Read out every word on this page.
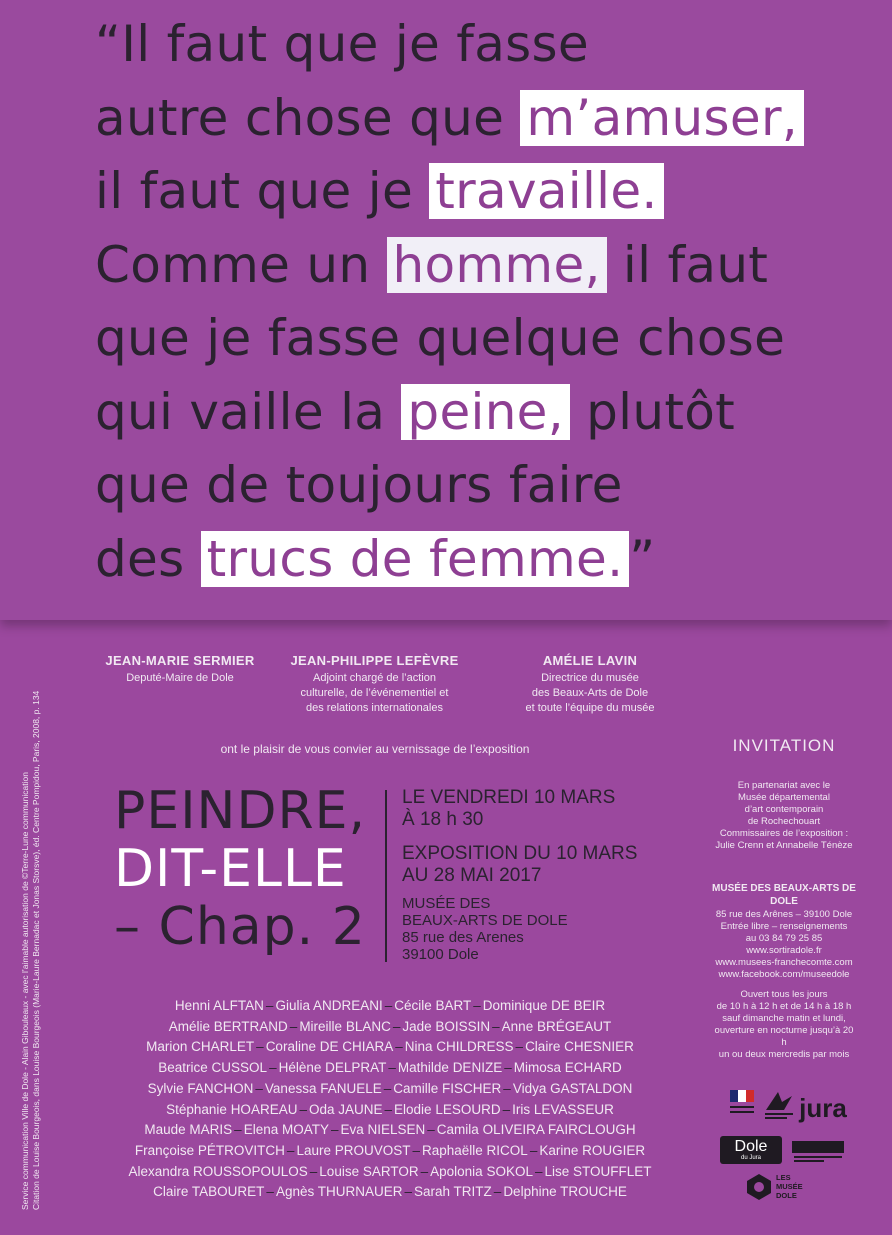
“Il faut que je fasse
autre chose que m’amuser,
il faut que je travaille.
Comme un homme, il faut
que je fasse quelque chose
qui vaille la peine, plutôt
que de toujours faire
des trucs de femme. ”
JEAN-MARIE SERMIER
Deputé-Maire de Dole
JEAN-PHILIPPE LEFÈVRE
Adjoint chargé de l’action
culturelle, de l’événementiel et
des relations internationales
AMÉLIE LAVIN
Directrice du musée
des Beaux-Arts de Dole
et toute l’équipe du musée
ont le plaisir de vous convier au vernissage de l’exposition
PEINDRE,
DIT-ELLE
– Chap. 2
LE VENDREDI 10 MARS
À 18 h 30
EXPOSITION DU 10 MARS
AU 28 MAI 2017
MUSÉE DES
BEAUX-ARTS DE DOLE
85 rue des Arenes
39100 Dole
Henni ALFTAN – Giulia ANDREANI – Cécile BART – Dominique DE BEIR
Amélie BERTRAND – Mireille BLANC – Jade BOISSIN – Anne BRÉGEAUT
Marion CHARLET – Coraline DE CHIARA – Nina CHILDRESS – Claire CHESNIER
Beatrice CUSSOL – Hélène DELPRAT – Mathilde DENIZE – Mimosa ECHARD
Sylvie FANCHON – Vanessa FANUELE – Camille FISCHER – Vidya GASTALDON
Stéphanie HOAREAU – Oda JAUNE – Elodie LESOURD – Iris LEVASSEUR
Maude MARIS – Elena MOATY – Eva NIELSEN – Camila OLIVEIRA FAIRCLOUGH
Françoise PÉTROVITCH – Laure PROUVOST – Raphaëlle RICOL – Karine ROUGIER
Alexandra ROUSSOPOULOS – Louise SARTOR – Apolonia SOKOL – Lise STOUFFLET
Claire TABOURET – Agnès THURNAUER – Sarah TRITZ – Delphine TROUCHE
INVITATION
En partenariat avec le
Musée départemental
d’art contemporain
de Rochechouart
Commissaires de l’exposition :
Julie Crenn et Annabelle Ténèze
MUSÉE DES BEAUX-ARTS DE DOLE
85 rue des Arênes – 39100 Dole
Entrée libre – renseignements
au 03 84 79 25 85
www.sortiradole.fr
www.musees-franchecomte.com
www.facebook.com/museedole
Ouvert tous les jours
de 10 h à 12 h et de 14 h à 18 h
sauf dimanche matin et lundi,
ouverture en nocturne jusqu’à 20 h
un ou deux mercredis par mois
Service communication Ville de Dole - Alain Gibouleaux - avec l’aimable autorisation de ©Terre-Lune communication Citation de Louise Bourgeois, dans Louise Bourgeois (Marie-Laure Bernadac et Jonas Storsve), éd. Centre Pompidou, Paris, 2008, p. 134	jura
Dole
du Jura
LES
MUSÉE
DOLE
